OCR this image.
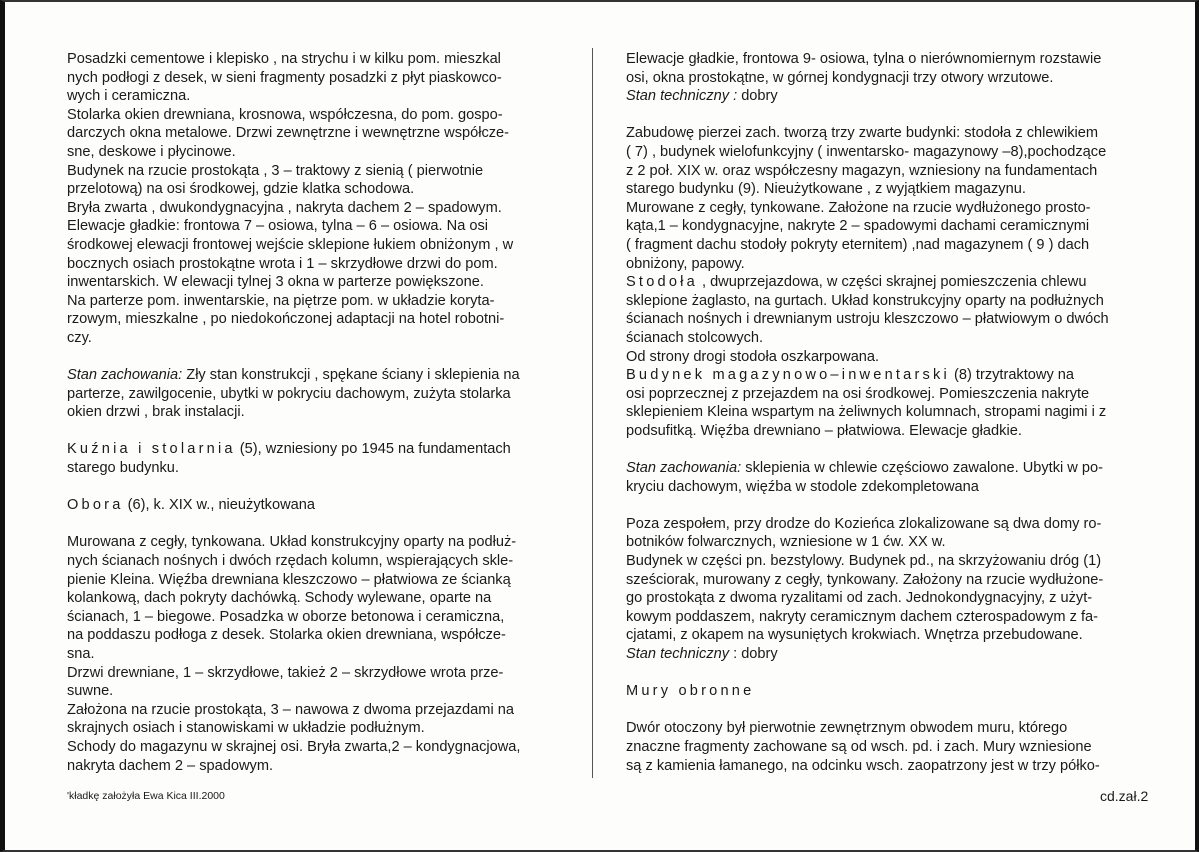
Posadzki cementowe i klepisko , na strychu i w kilku pom. mieszkal
nych podłogi z desek, w sieni fragmenty posadzki z płyt piaskowco-
wych i ceramiczna.
Stolarka okien drewniana, krosnowa, współczesna, do pom. gospo-
darczych okna metalowe. Drzwi zewnętrzne i wewnętrzne współcze-
sne, deskowe i płycinowe.
Budynek na rzucie prostokąta , 3 – traktowy z sienią ( pierwotnie
przelotową) na osi środkowej, gdzie klatka schodowa.
Bryła zwarta , dwukondygnacyjna , nakryta dachem 2 – spadowym.
Elewacje gładkie: frontowa 7 – osiowa, tylna – 6 – osiowa. Na osi
środkowej elewacji frontowej wejście sklepione łukiem obniżonym , w
bocznych osiach prostokątne wrota i 1 – skrzydłowe drzwi do pom.
inwentarskich. W elewacji tylnej 3 okna w parterze powiększone.
Na parterze pom. inwentarskie, na piętrze pom. w układzie koryta-
rzowym, mieszkalne , po niedokończonej adaptacji na hotel robotni-
czy.
Stan zachowania: Zły stan konstrukcji , spękane ściany i sklepienia na
parterze, zawilgocenie, ubytki w pokryciu dachowym, zużyta stolarka
okien drzwi , brak instalacji.
Kuźnia i stolarnia (5), wzniesiony po 1945 na fundamentach
starego budynku.
Obora (6), k. XIX w., nieużytkowana
Murowana z cegły, tynkowana. Układ konstrukcyjny oparty na podłuż-
nych ścianach nośnych i dwóch rzędach kolumn, wspierających skle-
pienie Kleina. Więźba drewniana kleszczowo – płatwiowa ze ścianką
kolankową, dach pokryty dachówką. Schody wylewane, oparte na
ścianach, 1 – biegowe. Posadzka w oborze betonowa i ceramiczna,
na poddaszu podłoga z desek. Stolarka okien drewniana, współcze-
sna.
Drzwi drewniane, 1 – skrzydłowe, takież 2 – skrzydłowe wrota prze-
suwne.
Założona na rzucie prostokąta, 3 – nawowa z dwoma przejazdami na
skrajnych osiach i stanowiskami w układzie podłużnym.
Schody do magazynu w skrajnej osi. Bryła zwarta,2 – kondygnacjowa,
nakryta dachem 2 – spadowym.
Elewacje gładkie, frontowa 9- osiowa, tylna o nierównomiernym rozstawie
osi, okna prostokątne, w górnej kondygnacji trzy otwory wrzutowe.
Stan techniczny : dobry
Zabudowę pierzei zach. tworzą trzy zwarte budynki: stodoła z chlewikiem
( 7) , budynek wielofunkcyjny ( inwentarsko- magazynowy –8),pochodzące
z 2 poł. XIX w. oraz współczesny magazyn, wzniesiony na fundamentach
starego budynku (9). Nieużytkowane , z wyjątkiem magazynu.
Murowane z cegły, tynkowane. Założone na rzucie wydłużonego prosto-
kąta,1 – kondygnacyjne, nakryte 2 – spadowymi dachami ceramicznymi
( fragment dachu stodoły pokryty eternitem) ,nad magazynem ( 9 ) dach
obniżony, papowy.
Stodoła , dwuprzejazdowa, w części skrajnej pomieszczenia chlewu
sklepione żaglasto, na gurtach. Układ konstrukcyjny oparty na podłużnych
ścianach nośnych i drewnianym ustroju kleszczowo – płatwiowym o dwóch
ścianach stolcowych.
Od strony drogi stodoła oszkarpowana.
Budynek magazynowo–inwentarski (8) trzytraktowy na
osi poprzecznej z przejazdem na osi środkowej. Pomieszczenia nakryte
sklepieniem Kleina wspartym na żeliwnych kolumnach, stropami nagimi i z
podsufitką. Więźba drewniano – płatwiowa. Elewacje gładkie.
Stan zachowania: sklepienia w chlewie częściowo zawalone. Ubytki w po-
kryciu dachowym, więźba w stodole zdekompletowana
Poza zespołem, przy drodze do Kozieńca zlokalizowane są dwa domy ro-
botników folwarcznych, wzniesione w 1 ćw. XX w.
Budynek w części pn. bezstylowy. Budynek pd., na skrzyżowaniu dróg (1)
sześciorak, murowany z cegły, tynkowany. Założony na rzucie wydłużone-
go prostokąta z dwoma ryzalitami od zach. Jednokondygnacyjny, z użyt-
kowym poddaszem, nakryty ceramicznym dachem czterospadowym z fa-
cjatami, z okapem na wysuniętych krokwiach. Wnętrza przebudowane.
Stan techniczny : dobry
Mury obronne
Dwór otoczony był pierwotnie zewnętrznym obwodem muru, którego
znaczne fragmenty zachowane są od wsch. pd. i zach. Mury wzniesione
są z kamienia łamanego, na odcinku wsch. zaopatrzony jest w trzy półko-
'kładkę założyła Ewa Kica III.2000	cd.zał.2
